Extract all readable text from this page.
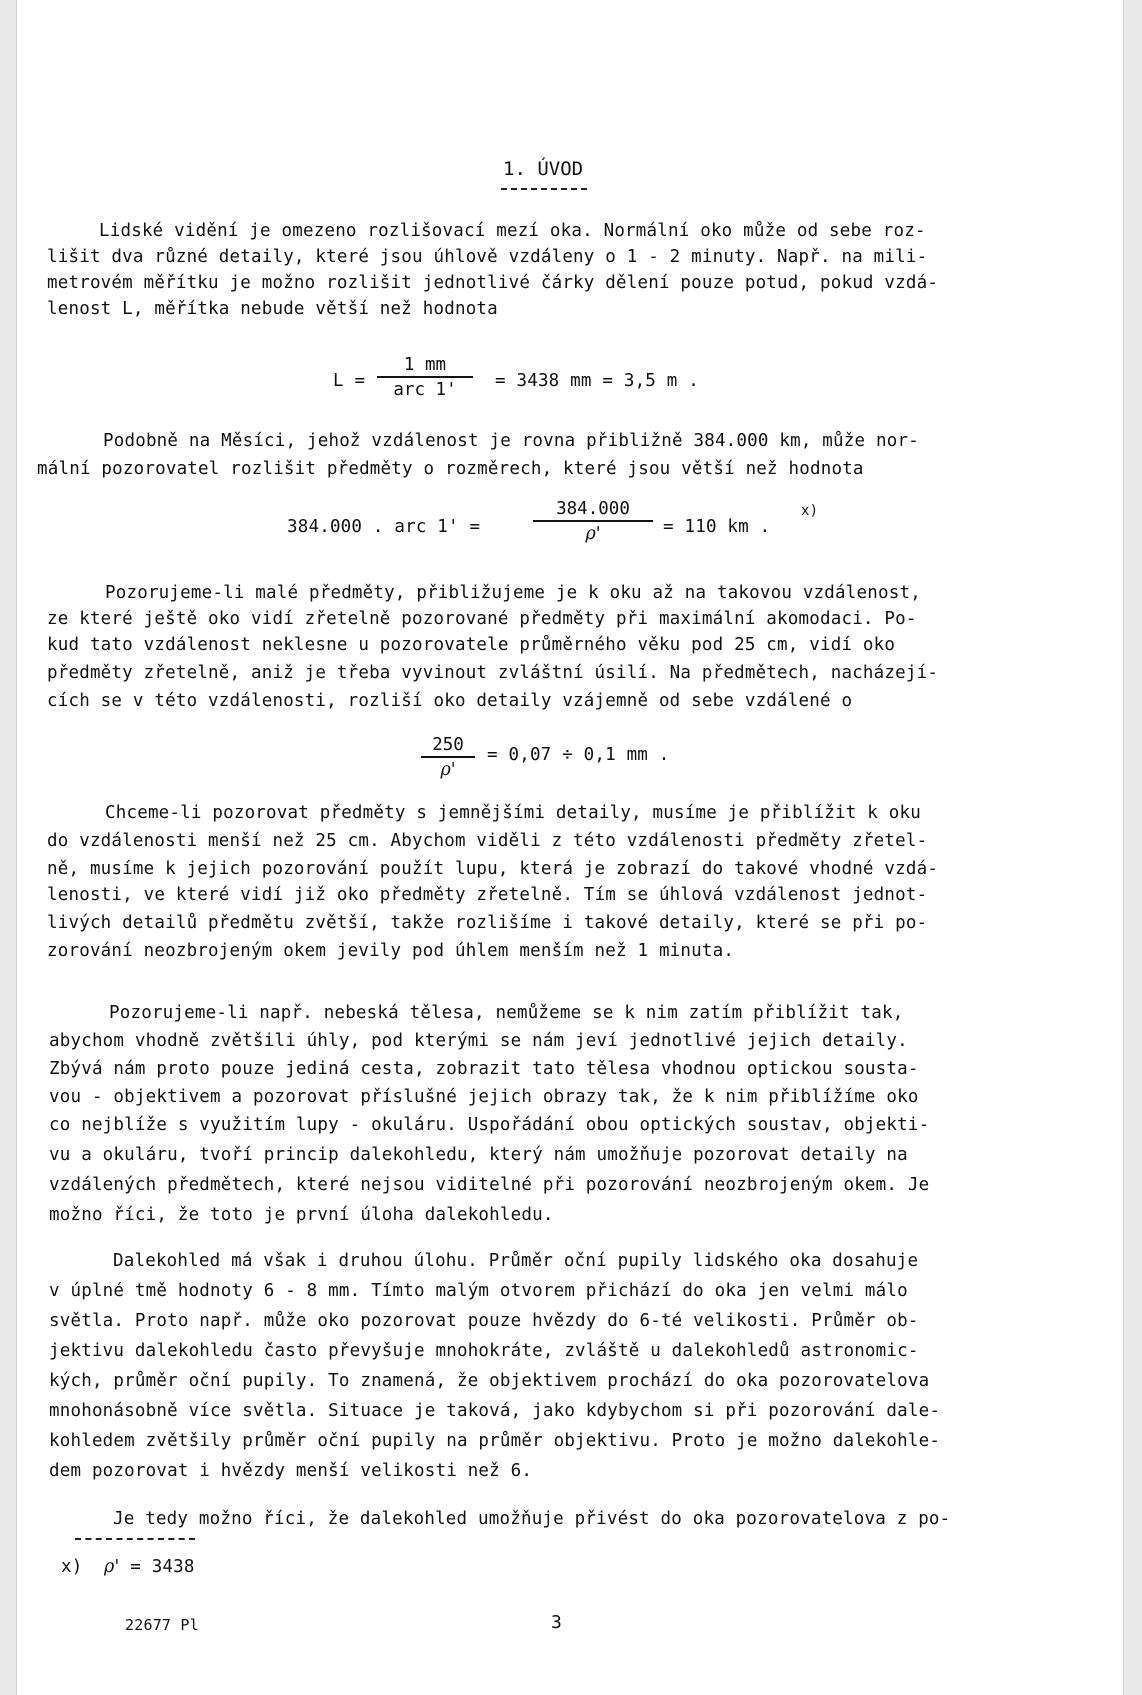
1. ÚVOD
Lidské vidění je omezeno rozlišovací mezí oka. Normální oko může od sebe roz-
lišit dva různé detaily, které jsou úhlově vzdáleny o 1 - 2 minuty. Např. na mili-
metrovém měřítku je možno rozlišit jednotlivé čárky dělení pouze potud, pokud vzdá-
lenost L, měřítka nebude větší než hodnota
L =
1 mm
arc 1'	= 3438 mm = 3,5 m .
Podobně na Měsíci, jehož vzdálenost je rovna přibližně 384.000 km, může nor-
mální pozorovatel rozlišit předměty o rozměrech, které jsou větší než hodnota
384.000 . arc 1' =	$\frac{384.000}{\rho'} = 110$ km .
x)
Pozorujeme-li malé předměty, přibližujeme je k oku až na takovou vzdálenost,
ze které ještě oko vidí zřetelně pozorované předměty při maximální akomodaci. Po-
kud tato vzdálenost neklesne u pozorovatele průměrného věku pod 25 cm, vidí oko
předměty zřetelně, aniž je třeba vyvinout zvláštní úsilí. Na předmětech, nacházejí-
cích se v této vzdálenosti, rozliší oko detaily vzájemně od sebe vzdálené o
$\frac{250}{\rho'} = 0,07 \div 0,1$ mm .
Chceme-li pozorovat předměty s jemnějšími detaily, musíme je přiblížit k oku
do vzdálenosti menší než 25 cm. Abychom viděli z této vzdálenosti předměty zřetel-
ně, musíme k jejich pozorování použít lupu, která je zobrazí do takové vhodné vzdá-
lenosti, ve které vidí již oko předměty zřetelně. Tím se úhlová vzdálenost jednot-
livých detailů předmětu zvětší, takže rozlišíme i takové detaily, které se při po-
zorování neozbrojeným okem jevily pod úhlem menším než 1 minuta.
Pozorujeme-li např. nebeská tělesa, nemůžeme se k nim zatím přiblížit tak,
abychom vhodně zvětšili úhly, pod kterými se nám jeví jednotlivé jejich detaily.
Zbývá nám proto pouze jediná cesta, zobrazit tato tělesa vhodnou optickou sousta-
vou - objektivem a pozorovat příslušné jejich obrazy tak, že k nim přiblížíme oko
co nejblíže s využitím lupy - okuláru. Uspořádání obou optických soustav, objekti-
vu a okuláru, tvoří princip dalekohledu, který nám umožňuje pozorovat detaily na
vzdálených předmětech, které nejsou viditelné při pozorování neozbrojeným okem. Je
možno říci, že toto je první úloha dalekohledu.
Dalekohled má však i druhou úlohu. Průměr oční pupily lidského oka dosahuje
v úplné tmě hodnoty 6 - 8 mm. Tímto malým otvorem přichází do oka jen velmi málo
světla. Proto např. může oko pozorovat pouze hvězdy do 6-té velikosti. Průměr ob-
jektivu dalekohledu často převyšuje mnohokráte, zvláště u dalekohledů astronomic-
kých, průměr oční pupily. To znamená, že objektivem prochází do oka pozorovatelova
mnohonásobně více světla. Situace je taková, jako kdybychom si při pozorování dale-
kohledem zvětšily průměr oční pupily na průměr objektivu. Proto je možno dalekohle-
dem pozorovat i hvězdy menší velikosti než 6.
Je tedy možno říci, že dalekohled umožňuje přivést do oka pozorovatelova z po-
x) ρ' = 3438
22677 Pl	3
